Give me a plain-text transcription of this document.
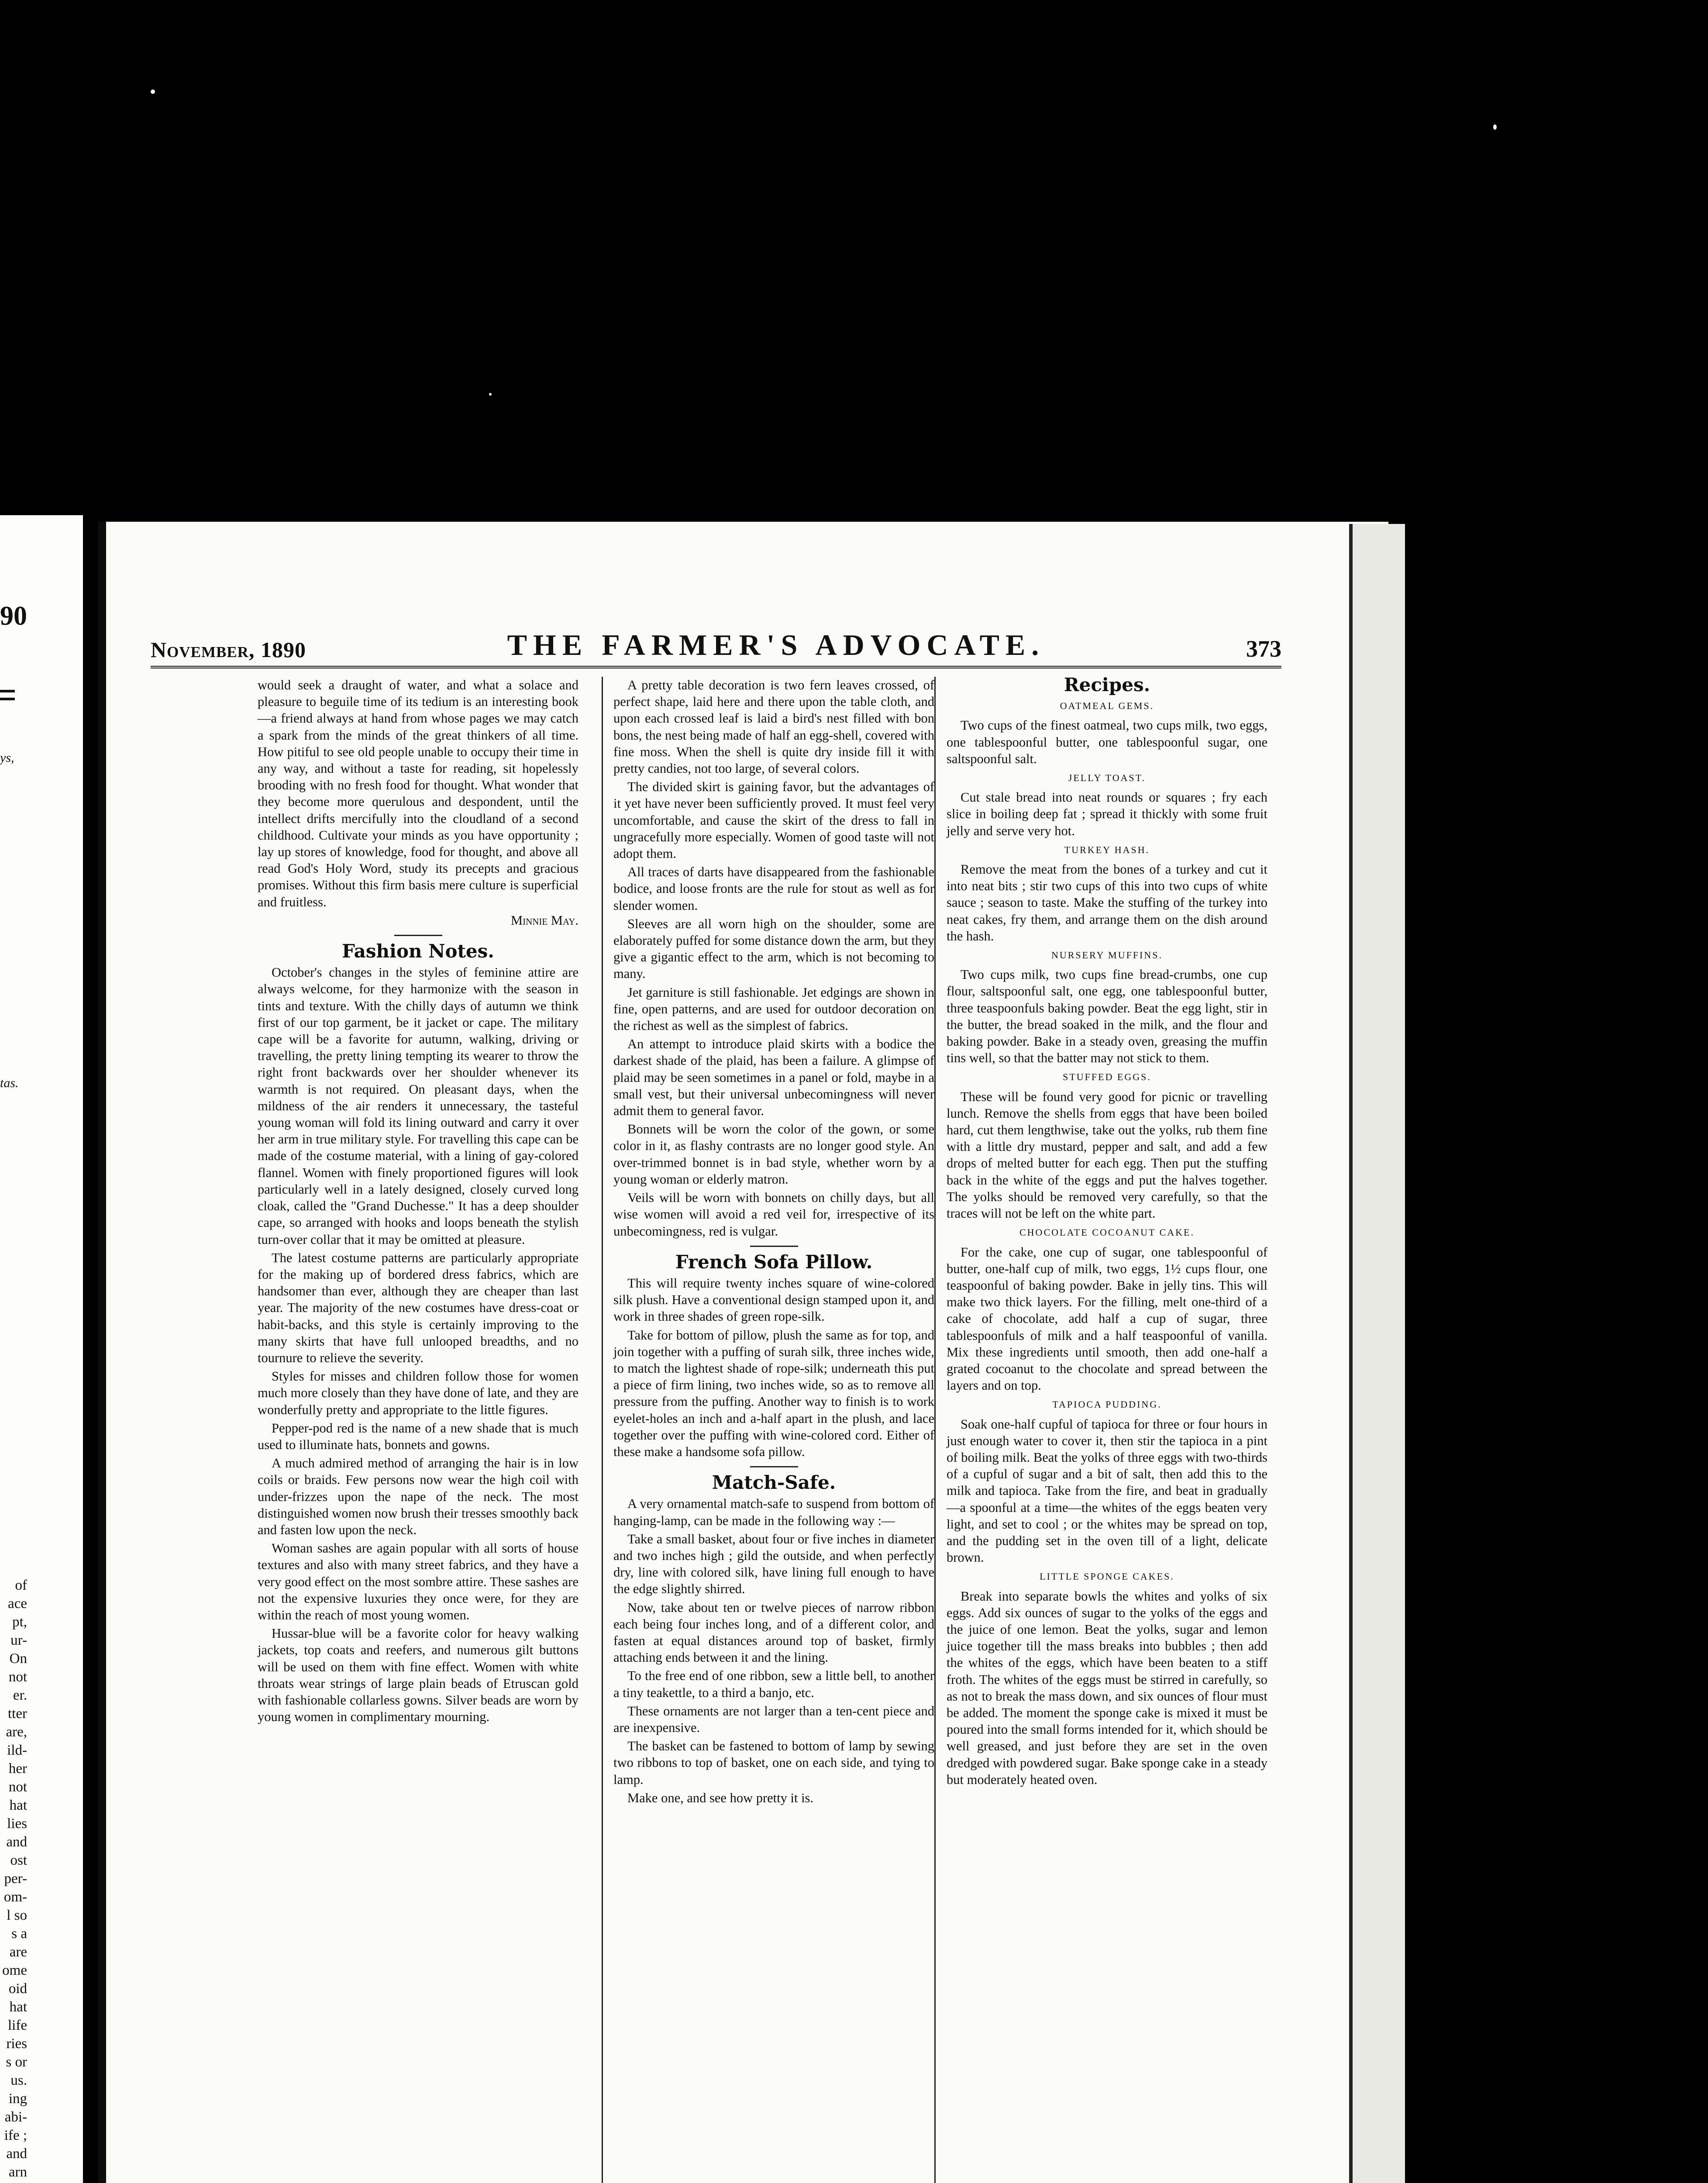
90
ys,
tas.
of
ace
pt,
ur-
On
not
er.
tter
are,
ild-
her
not
hat
lies
and
ost
per-
om-
l so
s a
are
ome
oid
hat
life
ries
s or
us.
ing
abi-
ife ;
and
arn
November, 1890	THE FARMER'S ADVOCATE.	373

would seek a draught of water, and what a solace and pleasure to beguile time of its tedium is an interesting book—a friend always at hand from whose pages we may catch a spark from the minds of the great thinkers of all time. How pitiful to see old people unable to occupy their time in any way, and without a taste for reading, sit hopelessly brooding with no fresh food for thought. What wonder that they become more querulous and despondent, until the intellect drifts mercifully into the cloudland of a second childhood. Cultivate your minds as you have opportunity ; lay up stores of knowledge, food for thought, and above all read God's Holy Word, study its precepts and gracious promises. Without this firm basis mere culture is superficial and fruitless.

Minnie May.
Fashion Notes.

October's changes in the styles of feminine attire are always welcome, for they harmonize with the season in tints and texture. With the chilly days of autumn we think first of our top garment, be it jacket or cape. The military cape will be a favorite for autumn, walking, driving or travelling, the pretty lining tempting its wearer to throw the right front backwards over her shoulder whenever its warmth is not required. On pleasant days, when the mildness of the air renders it unnecessary, the tasteful young woman will fold its lining outward and carry it over her arm in true military style. For travelling this cape can be made of the costume material, with a lining of gay-colored flannel. Women with finely proportioned figures will look particularly well in a lately designed, closely curved long cloak, called the "Grand Duchesse." It has a deep shoulder cape, so arranged with hooks and loops beneath the stylish turn-over collar that it may be omitted at pleasure.

The latest costume patterns are particularly appropriate for the making up of bordered dress fabrics, which are handsomer than ever, although they are cheaper than last year. The majority of the new costumes have dress-coat or habit-backs, and this style is certainly improving to the many skirts that have full unlooped breadths, and no tournure to relieve the severity.

Styles for misses and children follow those for women much more closely than they have done of late, and they are wonderfully pretty and appropriate to the little figures.

Pepper-pod red is the name of a new shade that is much used to illuminate hats, bonnets and gowns.

A much admired method of arranging the hair is in low coils or braids. Few persons now wear the high coil with under-frizzes upon the nape of the neck. The most distinguished women now brush their tresses smoothly back and fasten low upon the neck.

Woman sashes are again popular with all sorts of house textures and also with many street fabrics, and they have a very good effect on the most sombre attire. These sashes are not the expensive luxuries they once were, for they are within the reach of most young women.

Hussar-blue will be a favorite color for heavy walking jackets, top coats and reefers, and numerous gilt buttons will be used on them with fine effect. Women with white throats wear strings of large plain beads of Etruscan gold with fashionable collarless gowns. Silver beads are worn by young women in complimentary mourning.

A pretty table decoration is two fern leaves crossed, of perfect shape, laid here and there upon the table cloth, and upon each crossed leaf is laid a bird's nest filled with bon bons, the nest being made of half an egg-shell, covered with fine moss. When the shell is quite dry inside fill it with pretty candies, not too large, of several colors.

The divided skirt is gaining favor, but the advantages of it yet have never been sufficiently proved. It must feel very uncomfortable, and cause the skirt of the dress to fall in ungracefully more especially. Women of good taste will not adopt them.

All traces of darts have disappeared from the fashionable bodice, and loose fronts are the rule for stout as well as for slender women.

Sleeves are all worn high on the shoulder, some are elaborately puffed for some distance down the arm, but they give a gigantic effect to the arm, which is not becoming to many.

Jet garniture is still fashionable. Jet edgings are shown in fine, open patterns, and are used for outdoor decoration on the richest as well as the simplest of fabrics.

An attempt to introduce plaid skirts with a bodice the darkest shade of the plaid, has been a failure. A glimpse of plaid may be seen sometimes in a panel or fold, maybe in a small vest, but their universal unbecomingness will never admit them to general favor.

Bonnets will be worn the color of the gown, or some color in it, as flashy contrasts are no longer good style. An over-trimmed bonnet is in bad style, whether worn by a young woman or elderly matron.

Veils will be worn with bonnets on chilly days, but all wise women will avoid a red veil for, irrespective of its unbecomingness, red is vulgar.

French Sofa Pillow.

This will require twenty inches square of wine-colored silk plush. Have a conventional design stamped upon it, and work in three shades of green rope-silk.

Take for bottom of pillow, plush the same as for top, and join together with a puffing of surah silk, three inches wide, to match the lightest shade of rope-silk; underneath this put a piece of firm lining, two inches wide, so as to remove all pressure from the puffing. Another way to finish is to work eyelet-holes an inch and a-half apart in the plush, and lace together over the puffing with wine-colored cord. Either of these make a handsome sofa pillow.

Match-Safe.

A very ornamental match-safe to suspend from bottom of hanging-lamp, can be made in the following way :—

Take a small basket, about four or five inches in diameter and two inches high ; gild the outside, and when perfectly dry, line with colored silk, have lining full enough to have the edge slightly shirred.

Now, take about ten or twelve pieces of narrow ribbon each being four inches long, and of a different color, and fasten at equal distances around top of basket, firmly attaching ends between it and the lining.

To the free end of one ribbon, sew a little bell, to another a tiny teakettle, to a third a banjo, etc.

These ornaments are not larger than a ten-cent piece and are inexpensive.

The basket can be fastened to bottom of lamp by sewing two ribbons to top of basket, one on each side, and tying to lamp.

Make one, and see how pretty it is.

Recipes.
OATMEAL GEMS.

Two cups of the finest oatmeal, two cups milk, two eggs, one tablespoonful butter, one tablespoonful sugar, one saltspoonful salt.

JELLY TOAST.

Cut stale bread into neat rounds or squares ; fry each slice in boiling deep fat ; spread it thickly with some fruit jelly and serve very hot.

TURKEY HASH.

Remove the meat from the bones of a turkey and cut it into neat bits ; stir two cups of this into two cups of white sauce ; season to taste. Make the stuffing of the turkey into neat cakes, fry them, and arrange them on the dish around the hash.

NURSERY MUFFINS.

Two cups milk, two cups fine bread-crumbs, one cup flour, saltspoonful salt, one egg, one tablespoonful butter, three teaspoonfuls baking powder. Beat the egg light, stir in the butter, the bread soaked in the milk, and the flour and baking powder. Bake in a steady oven, greasing the muffin tins well, so that the batter may not stick to them.

STUFFED EGGS.

These will be found very good for picnic or travelling lunch. Remove the shells from eggs that have been boiled hard, cut them lengthwise, take out the yolks, rub them fine with a little dry mustard, pepper and salt, and add a few drops of melted butter for each egg. Then put the stuffing back in the white of the eggs and put the halves together. The yolks should be removed very carefully, so that the traces will not be left on the white part.

CHOCOLATE COCOANUT CAKE.

For the cake, one cup of sugar, one tablespoonful of butter, one-half cup of milk, two eggs, 1½ cups flour, one teaspoonful of baking powder. Bake in jelly tins. This will make two thick layers. For the filling, melt one-third of a cake of chocolate, add half a cup of sugar, three tablespoonfuls of milk and a half teaspoonful of vanilla. Mix these ingredients until smooth, then add one-half a grated cocoanut to the chocolate and spread between the layers and on top.

TAPIOCA PUDDING.

Soak one-half cupful of tapioca for three or four hours in just enough water to cover it, then stir the tapioca in a pint of boiling milk. Beat the yolks of three eggs with two-thirds of a cupful of sugar and a bit of salt, then add this to the milk and tapioca. Take from the fire, and beat in gradually—a spoonful at a time—the whites of the eggs beaten very light, and set to cool ; or the whites may be spread on top, and the pudding set in the oven till of a light, delicate brown.

LITTLE SPONGE CAKES.

Break into separate bowls the whites and yolks of six eggs. Add six ounces of sugar to the yolks of the eggs and the juice of one lemon. Beat the yolks, sugar and lemon juice together till the mass breaks into bubbles ; then add the whites of the eggs, which have been beaten to a stiff froth. The whites of the eggs must be stirred in carefully, so as not to break the mass down, and six ounces of flour must be added. The moment the sponge cake is mixed it must be poured into the small forms intended for it, which should be well greased, and just before they are set in the oven dredged with powdered sugar. Bake sponge cake in a steady but moderately heated oven.
